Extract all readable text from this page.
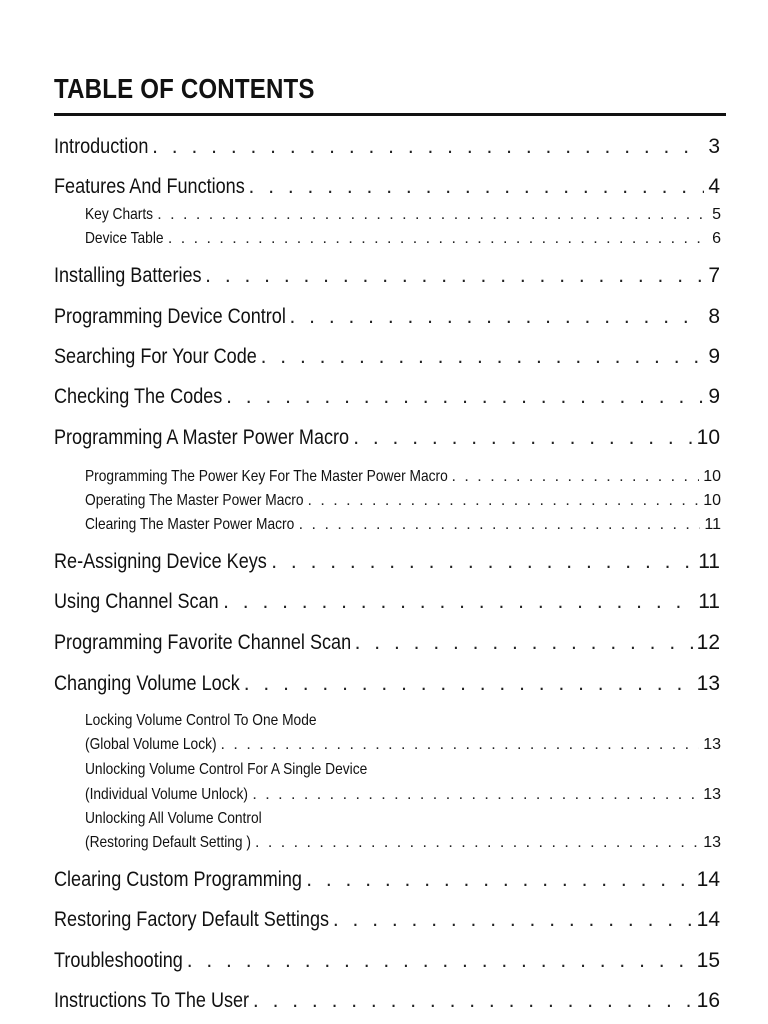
TABLE OF CONTENTS
Introduction . . .	3
Features And Functions . . .	4
Key Charts . . .	5
Device Table . . .	6
Installing Batteries . . .	7
Programming Device Control . . .	8
Searching For Your Code . . .	9
Checking The Codes . . .	9
Programming A Master Power Macro . . .	10
Programming The Power Key For The Master Power Macro . . .	10
Operating The Master Power Macro . . .	10
Clearing The Master Power Macro . . .	11
Re-Assigning Device Keys . . .	11
Using Channel Scan . . .	11
Programming Favorite Channel Scan . . .	12
Changing Volume Lock . . .	13
Locking Volume Control To One Mode
(Global Volume Lock) . . .	13
Unlocking Volume Control For A Single Device
(Individual Volume Unlock) . . .	13
Unlocking All Volume Control
(Restoring Default Setting ) . . .	13
Clearing Custom Programming . . .	14
Restoring Factory Default Settings . . .	14
Troubleshooting . . .	15
Instructions To The User . . .	16
